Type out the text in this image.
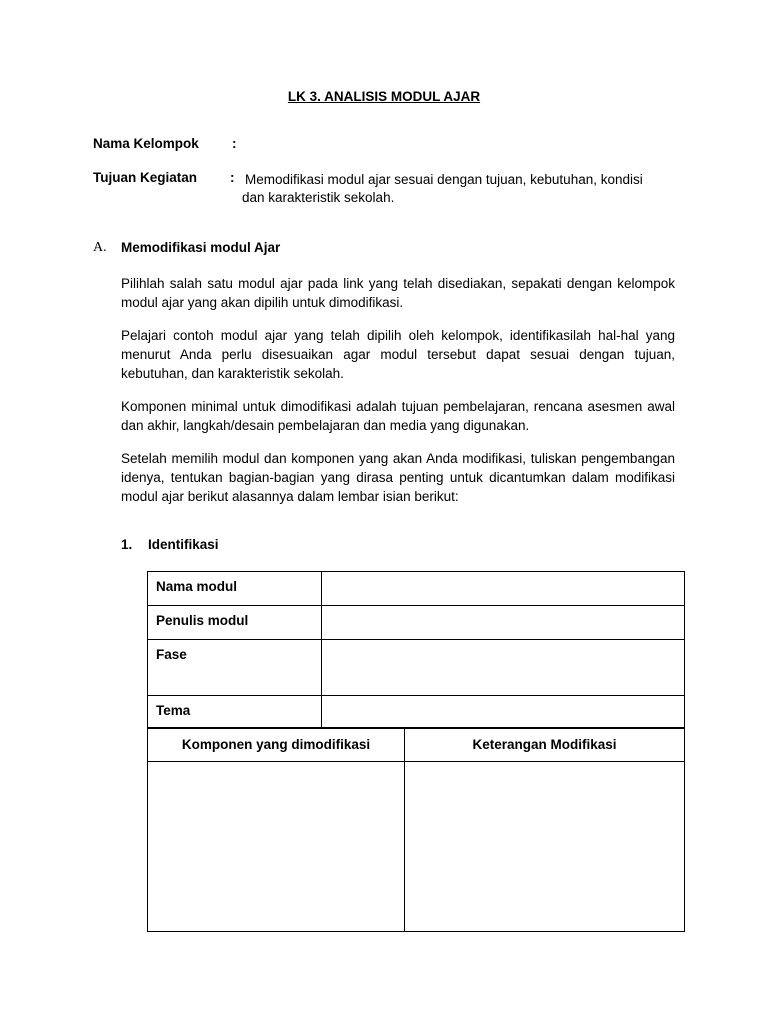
LK 3. ANALISIS MODUL AJAR
Nama Kelompok :
Tujuan Kegiatan : Memodifikasi modul ajar sesuai dengan tujuan, kebutuhan, kondisi
dan karakteristik sekolah.
A. Memodifikasi modul Ajar

Pilihlah salah satu modul ajar pada link yang telah disediakan, sepakati dengan kelompok modul ajar yang akan dipilih untuk dimodifikasi.

Pelajari contoh modul ajar yang telah dipilih oleh kelompok, identifikasilah hal-hal yang menurut Anda perlu disesuaikan agar modul tersebut dapat sesuai dengan tujuan, kebutuhan, dan karakteristik sekolah.

Komponen minimal untuk dimodifikasi adalah tujuan pembelajaran, rencana asesmen awal dan akhir, langkah/desain pembelajaran dan media yang digunakan.

Setelah memilih modul dan komponen yang akan Anda modifikasi, tuliskan pengembangan idenya, tentukan bagian-bagian yang dirasa penting untuk dicantumkan dalam modifikasi modul ajar berikut alasannya dalam lembar isian berikut:

1. Identifikasi
Nama modul	
Penulis modul	
Fase	
Tema	
Komponen yang dimodifikasi	Keterangan Modifikasi
